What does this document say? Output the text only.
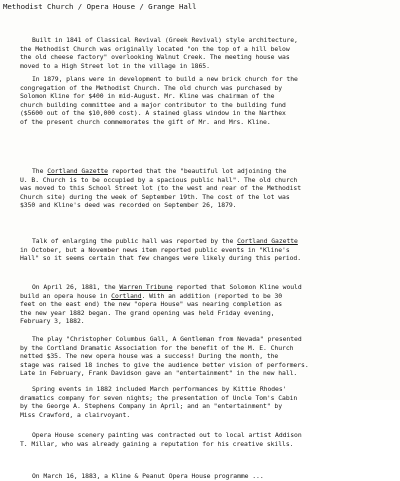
Methodist Church / Opera House / Grange Hall
Built in 1841 of Classical Revival (Greek Revival) style architecture,
the Methodist Church was originally located "on the top of a hill below
the old cheese factory" overlooking Walnut Creek. The meeting house was
moved to a High Street lot in the village in 1865.
In 1879, plans were in development to build a new brick church for the
congregation of the Methodist Church. The old church was purchased by
Solomon Kline for $400 in mid-August. Mr. Kline was chairman of the
church building committee and a major contributor to the building fund
($5600 out of the $10,000 cost). A stained glass window in the Narthex
of the present church commemorates the gift of Mr. and Mrs. Kline.
The Cortland Gazette reported that the "beautiful lot adjoining the
U. B. Church is to be occupied by a spacious public hall". The old church
was moved to this School Street lot (to the west and rear of the Methodist
Church site) during the week of September 19th. The cost of the lot was
$350 and Kline's deed was recorded on September 26, 1879.
Talk of enlarging the public hall was reported by the Cortland Gazette
in October, but a November news item reported public events in "Kline's
Hall" so it seems certain that few changes were likely during this period.
On April 26, 1881, the Warren Tribune reported that Solomon Kline would
build an opera house in Cortland. With an addition (reported to be 30
feet on the east end) the new "opera House" was nearing completion as
the new year 1882 began. The grand opening was held Friday evening,
February 3, 1882.
The play "Christopher Columbus Gall, A Gentleman from Nevada" presented
by the Cortland Dramatic Association for the benefit of the M. E. Church
netted $35. The new opera house was a success! During the month, the
stage was raised 18 inches to give the audience better vision of performers.
Late in February, Frank Davidson gave an "entertainment" in the new hall.
Spring events in 1882 included March performances by Kittie Rhodes'
dramatics company for seven nights; the presentation of Uncle Tom's Cabin
by the George A. Stephens Company in April; and an "entertainment" by
Miss Crawford, a clairvoyant.
Opera House scenery painting was contracted out to local artist Addison
T. Millar, who was already gaining a reputation for his creative skills.
On March 16, 1883, a Kline & Peanut Opera House programme ...
